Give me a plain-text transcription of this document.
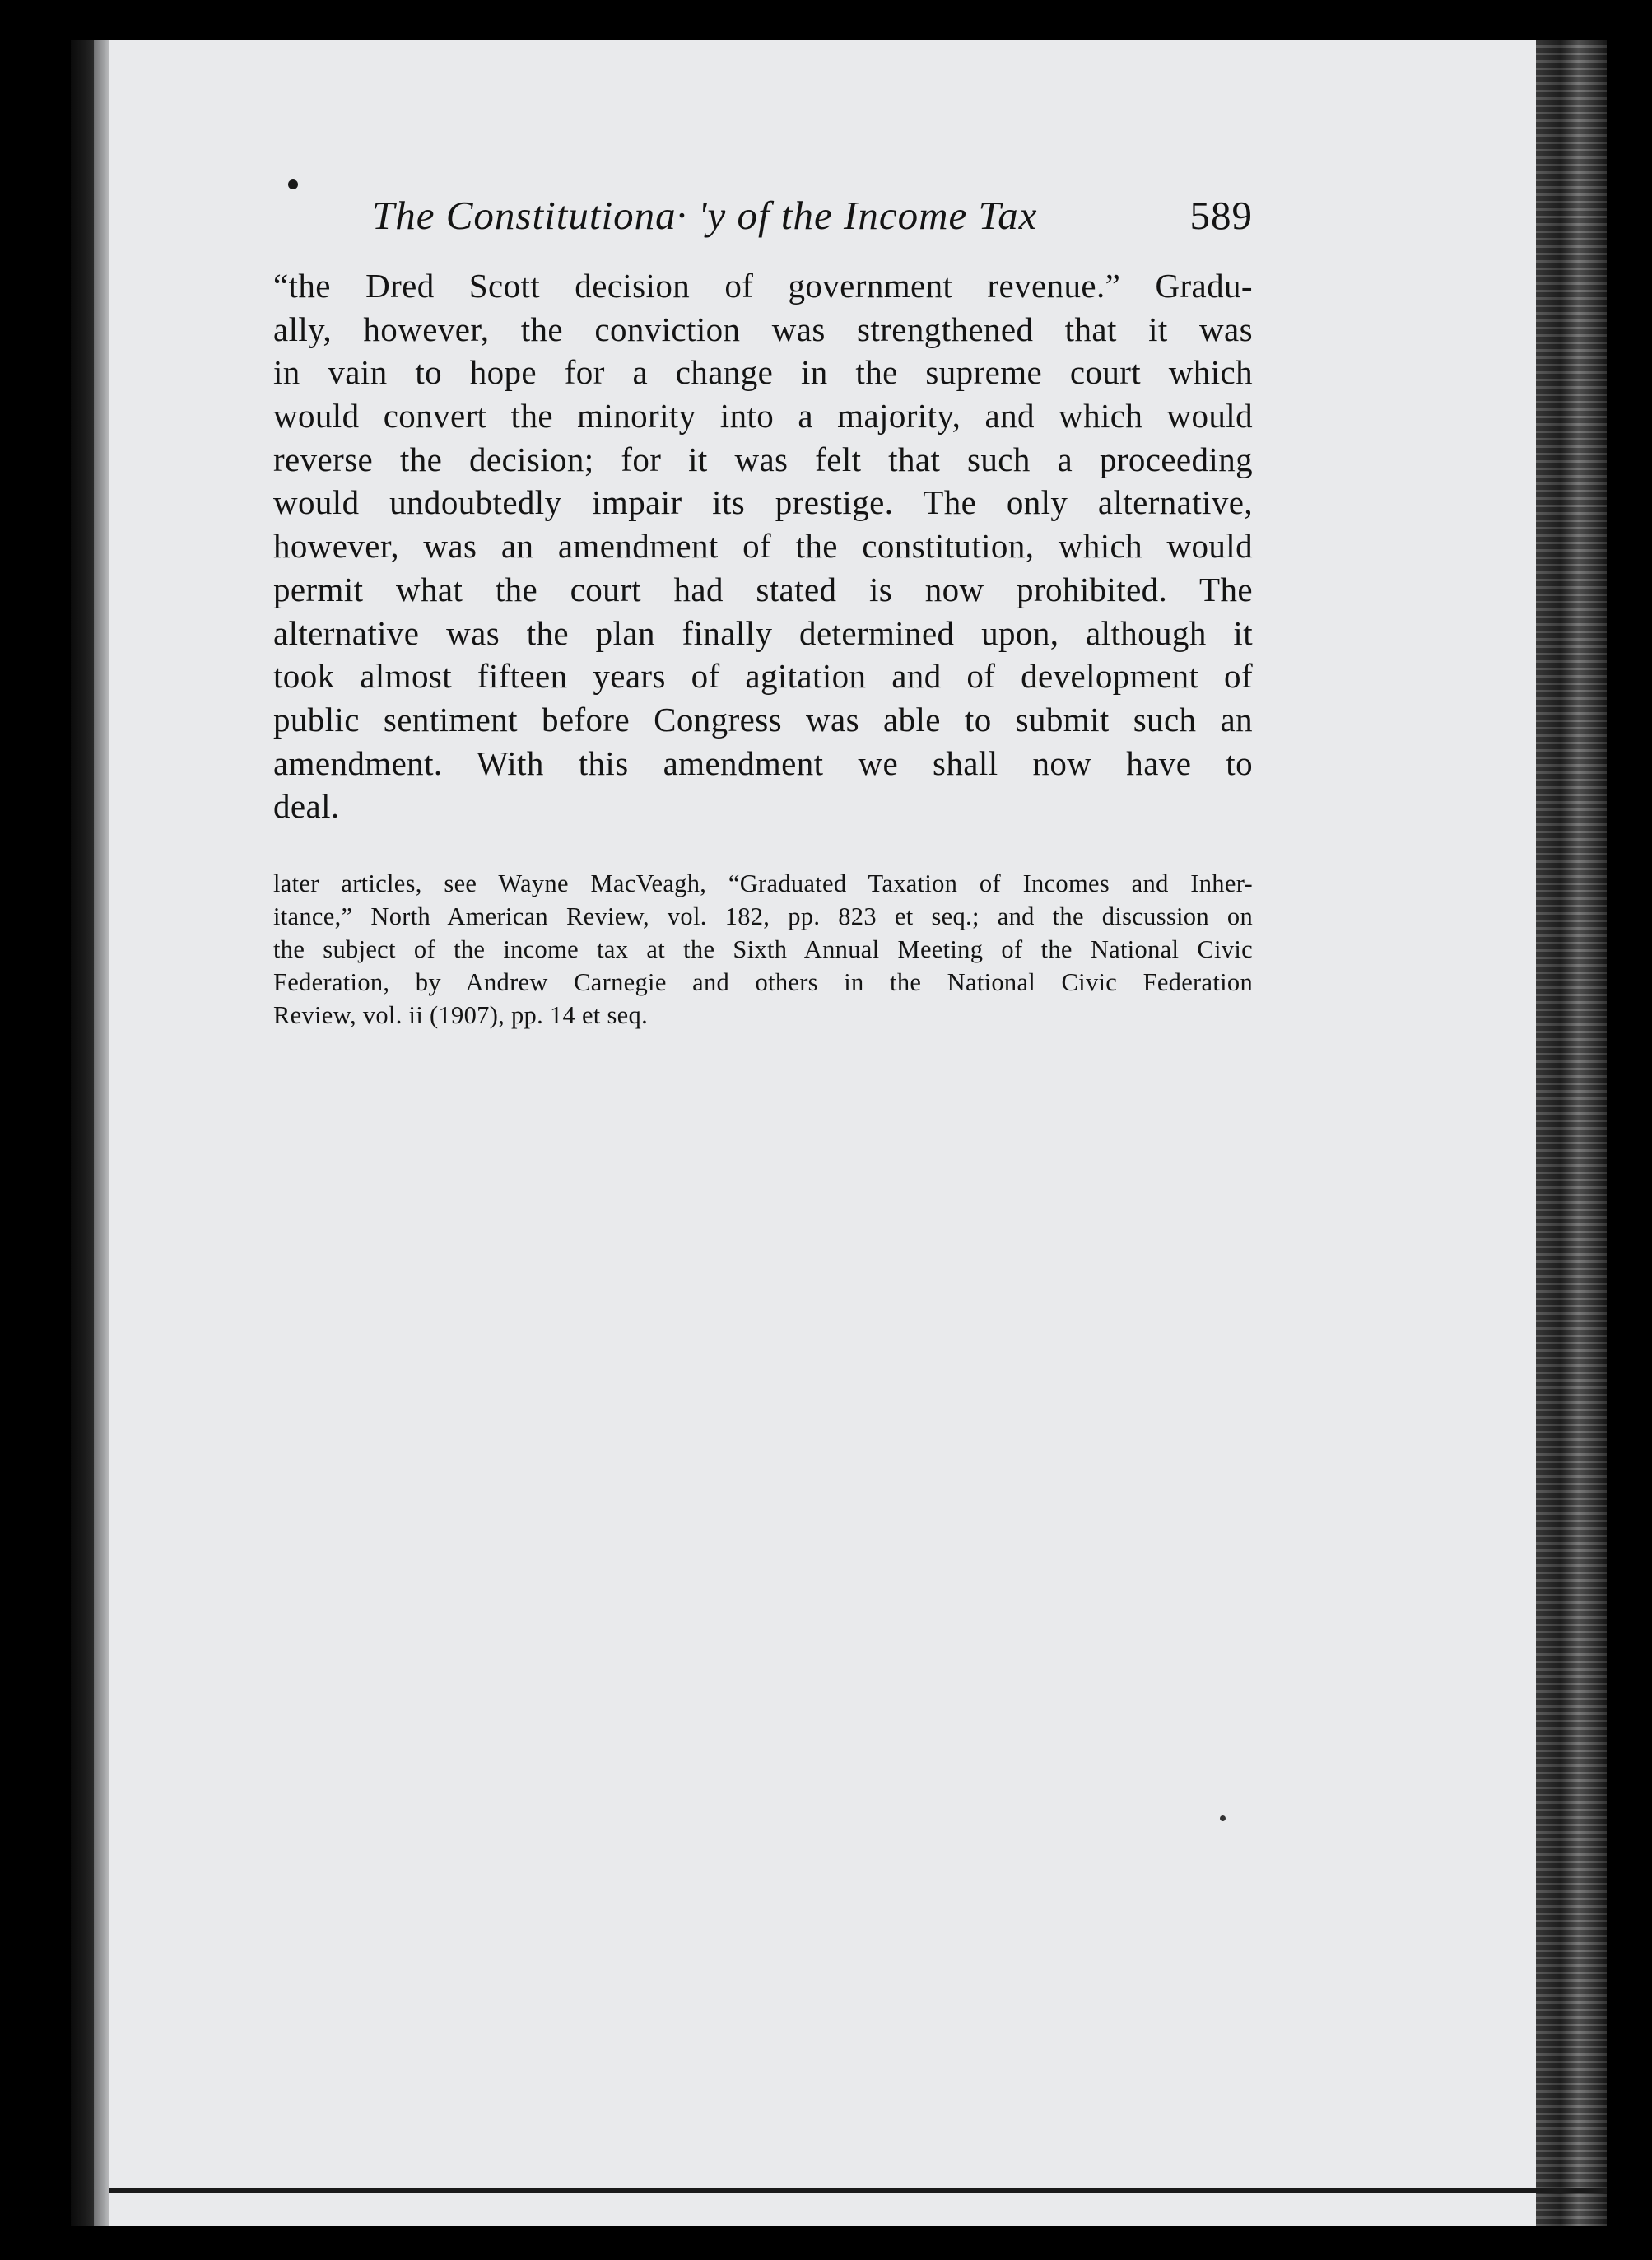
The Constitutiona· 'y of the Income Tax	589
“the Dred Scott decision of government revenue.” Gradu-
ally, however, the conviction was strengthened that it was
in vain to hope for a change in the supreme court which
would convert the minority into a majority, and which would
reverse the decision; for it was felt that such a proceeding
would undoubtedly impair its prestige. The only alternative,
however, was an amendment of the constitution, which would
permit what the court had stated is now prohibited. The
alternative was the plan finally determined upon, although it
took almost fifteen years of agitation and of development of
public sentiment before Congress was able to submit such an
amendment. With this amendment we shall now have to
deal.
later articles, see Wayne MacVeagh, “Graduated Taxation of Incomes and Inher-
itance,” North American Review, vol. 182, pp. 823 et seq.; and the discussion on
the subject of the income tax at the Sixth Annual Meeting of the National Civic
Federation, by Andrew Carnegie and others in the National Civic Federation
Review, vol. ii (1907), pp. 14 et seq.
